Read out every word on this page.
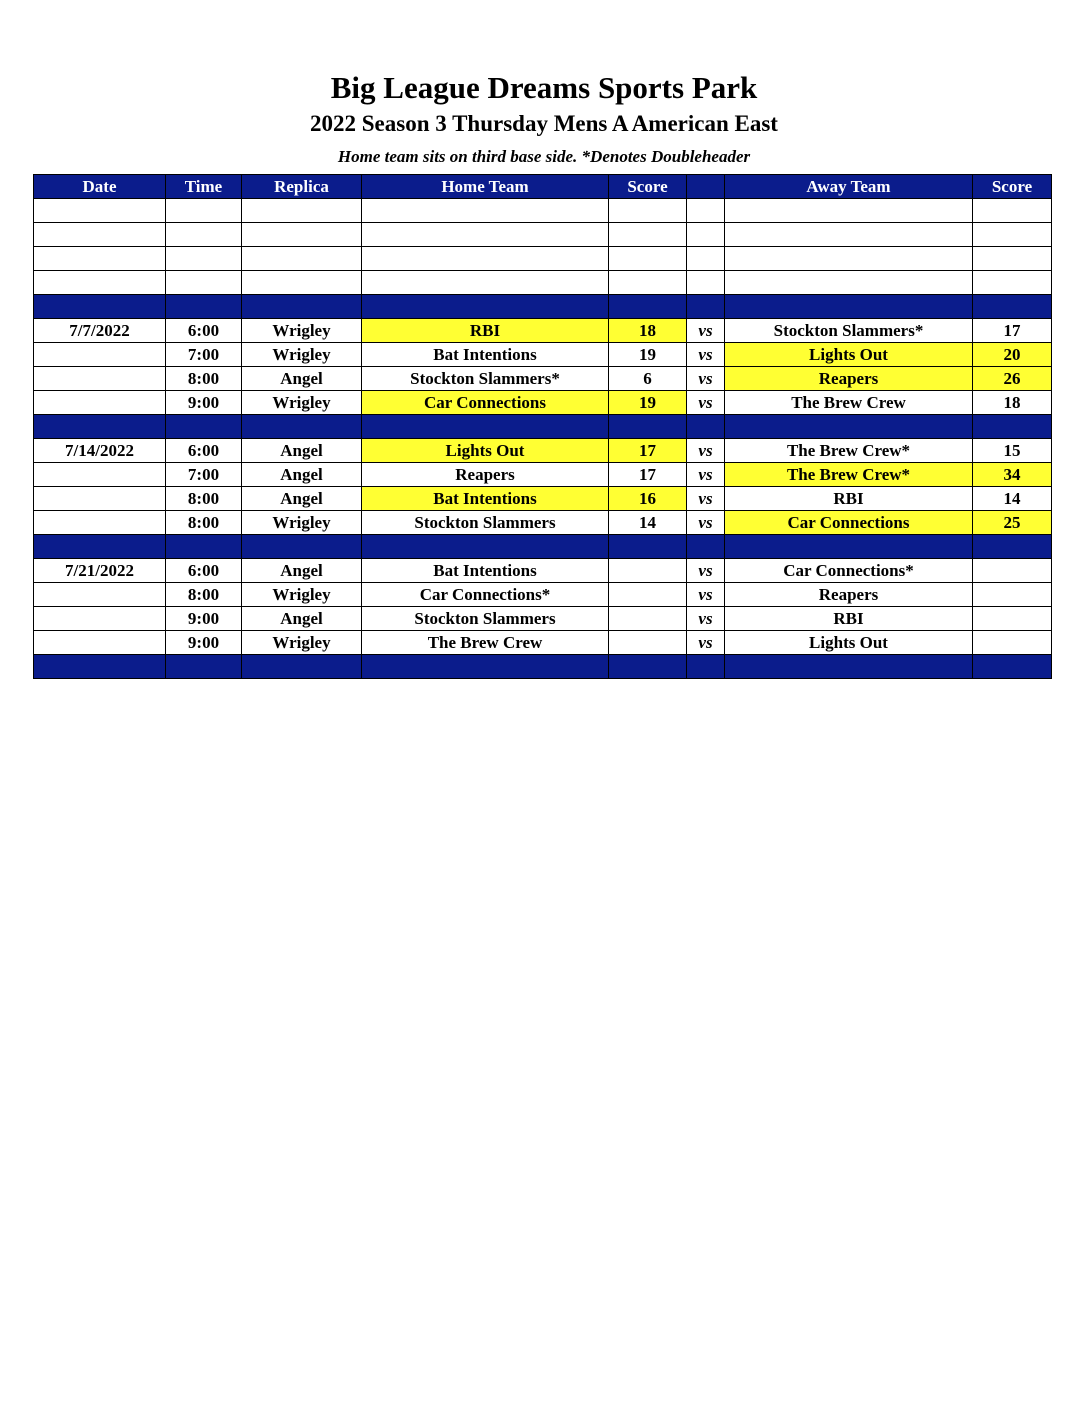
Big League Dreams Sports Park
2022 Season 3 Thursday Mens A American East
Home team sits on third base side. *Denotes Doubleheader
Date	Time	Replica	Home Team	Score		Away Team	Score

7/7/2022	6:00	Wrigley	RBI	18	vs	Stockton Slammers*	17
	7:00	Wrigley	Bat Intentions	19	vs	Lights Out	20
	8:00	Angel	Stockton Slammers*	6	vs	Reapers	26
	9:00	Wrigley	Car Connections	19	vs	The Brew Crew	18

7/14/2022	6:00	Angel	Lights Out	17	vs	The Brew Crew*	15
	7:00	Angel	Reapers	17	vs	The Brew Crew*	34
	8:00	Angel	Bat Intentions	16	vs	RBI	14
	8:00	Wrigley	Stockton Slammers	14	vs	Car Connections	25

7/21/2022	6:00	Angel	Bat Intentions		vs	Car Connections*	
	8:00	Wrigley	Car Connections*		vs	Reapers	
	9:00	Angel	Stockton Slammers		vs	RBI	
	9:00	Wrigley	The Brew Crew		vs	Lights Out	
